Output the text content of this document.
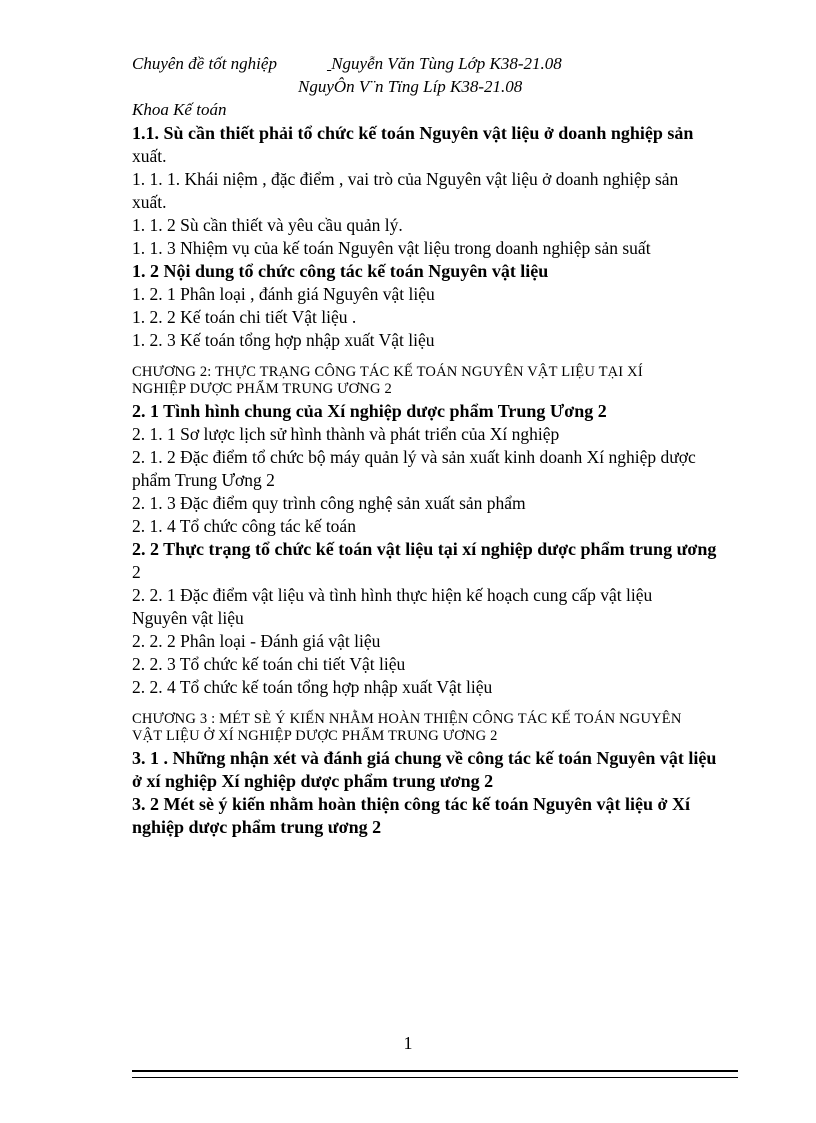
Chuyên đề tốt nghiệp	Nguyễn Văn Tùng Lớp K38-21.08
NguyÔn V¨n Tïng Líp K38-21.08
Khoa Kế toán

1.1. Sù cần thiết phải tổ chức kế toán Nguyên vật liệu ở doanh nghiệp sản

xuất.

1. 1. 1. Khái niệm , đặc điểm , vai trò của Nguyên vật liệu ở doanh nghiệp sản

xuất.

1. 1. 2 Sù cần thiết và yêu cầu quản lý.

1. 1. 3 Nhiệm vụ của kế toán Nguyên vật liệu trong doanh nghiệp sản suất

1. 2 Nội dung tổ chức công tác kế toán Nguyên vật liệu

1. 2. 1 Phân loại , đánh giá Nguyên vật liệu

1. 2. 2 Kế toán chi tiết Vật liệu .

1. 2. 3 Kế toán tổng hợp nhập xuất Vật liệu

CHƯƠNG 2: THỰC TRẠNG CÔNG TÁC KẾ TOÁN NGUYÊN VẬT LIỆU TẠI XÍ

NGHIỆP DƯỢC PHẨM TRUNG ƯƠNG 2

2. 1 Tình hình chung của Xí nghiệp dược phẩm Trung Ương 2

2. 1. 1 Sơ lược lịch sử hình thành và phát triển của Xí nghiệp

2. 1. 2 Đặc điểm tổ chức bộ máy quản lý và sản xuất kinh doanh Xí nghiệp dược

phẩm Trung Ương 2

2. 1. 3 Đặc điểm quy trình công nghệ sản xuất sản phẩm

2. 1. 4 Tổ chức công tác kế toán

2. 2 Thực trạng tổ chức kế toán vật liệu tại xí nghiệp dược phẩm trung ương

2

2. 2. 1 Đặc điểm vật liệu và tình hình thực hiện kế hoạch cung cấp vật liệu

Nguyên vật liệu

2. 2. 2 Phân loại - Đánh giá vật liệu

2. 2. 3 Tổ chức kế toán chi tiết Vật liệu

2. 2. 4 Tổ chức kế toán tổng hợp nhập xuất Vật liệu

CHƯƠNG 3 : MÉT SÈ Ý KIẾN NHẰM HOÀN THIỆN CÔNG TÁC KẾ TOÁN NGUYÊN

VẬT LIỆU Ở XÍ NGHIỆP DƯỢC PHẨM TRUNG ƯƠNG 2

3. 1 . Những nhận xét và đánh giá chung về công tác kế toán Nguyên vật liệu

ở xí nghiệp Xí nghiệp dược phẩm trung ương 2

3. 2 Mét sè ý kiến nhằm hoàn thiện công tác kế toán Nguyên vật liệu ở Xí

nghiệp dược phẩm trung ương 2

1
